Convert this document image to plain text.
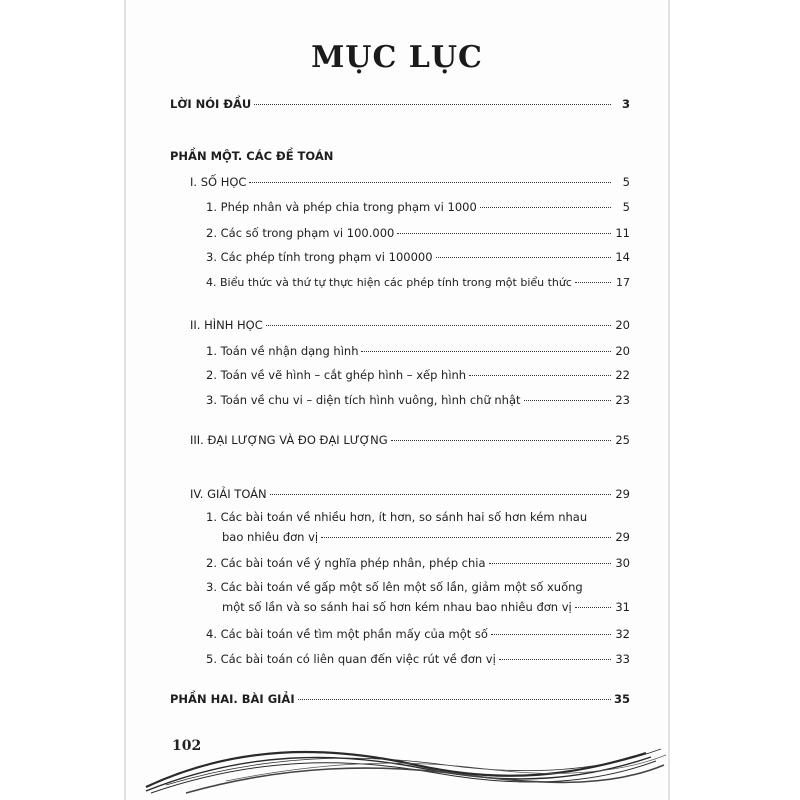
MỤC LỤC
LỜI NÓI ĐẦU	3
PHẦN MỘT. CÁC ĐỀ TOÁN
I. SỐ HỌC	5
1. Phép nhân và phép chia trong phạm vi 1000	5
2. Các số trong phạm vi 100.000	11
3. Các phép tính trong phạm vi 100000	14
4. Biểu thức và thứ tự thực hiện các phép tính trong một biểu thức	17
II. HÌNH HỌC	20
1. Toán về nhận dạng hình	20
2. Toán về vẽ hình – cắt ghép hình – xếp hình	22
3. Toán về chu vi – diện tích hình vuông, hình chữ nhật	23
III. ĐẠI LƯỢNG VÀ ĐO ĐẠI LƯỢNG	25
IV. GIẢI TOÁN	29
1. Các bài toán về nhiều hơn, ít hơn, so sánh hai số hơn kém nhau
bao nhiêu đơn vị	29
2. Các bài toán về ý nghĩa phép nhân, phép chia	30
3. Các bài toán về gấp một số lên một số lần, giảm một số xuống
một số lần và so sánh hai số hơn kém nhau bao nhiêu đơn vị	31
4. Các bài toán về tìm một phần mấy của một số	32
5. Các bài toán có liên quan đến việc rút về đơn vị	33
PHẦN HAI. BÀI GIẢI	35
102
